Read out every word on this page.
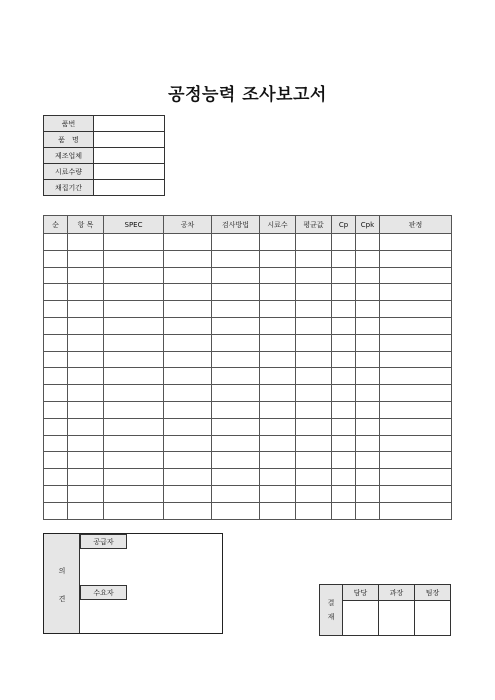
공정능력 조사보고서
품번	
품　명	
제조업체	
시료수량	
채집기간	
순	항 목	SPEC	공차	검사방법	시료수	평균값	Cp	Cpk	판정

의
견
공급자
수요자
결
재	담당	과장	팀장
